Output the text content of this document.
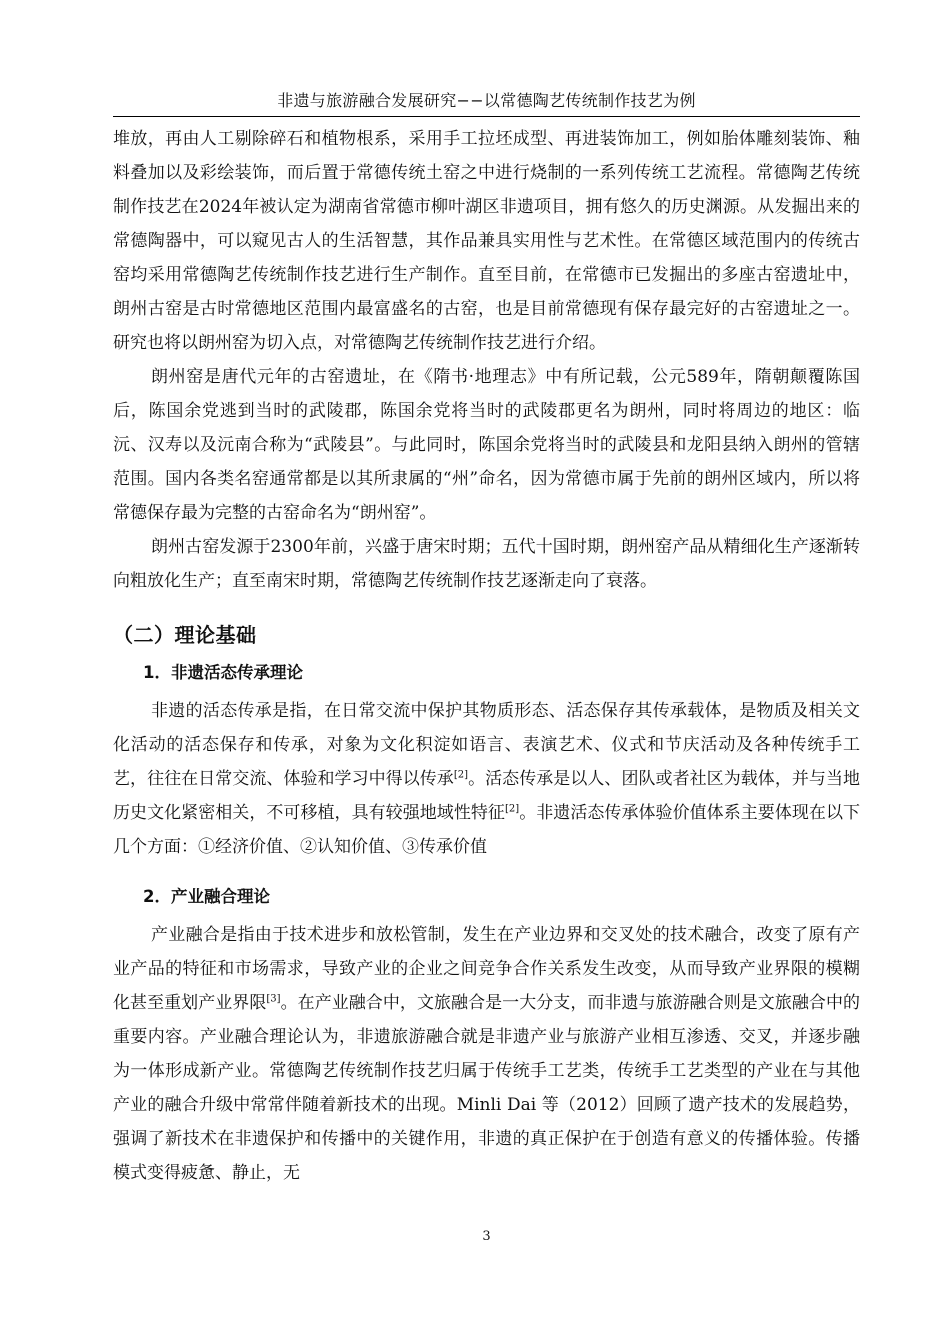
非遗与旅游融合发展研究−−以常德陶艺传统制作技艺为例

堆放，再由人工剔除碎石和植物根系，采用手工拉坯成型、再进装饰加工，例如胎体雕刻装饰、釉料叠加以及彩绘装饰，而后置于常德传统土窑之中进行烧制的一系列传统工艺流程。常德陶艺传统制作技艺在2024年被认定为湖南省常德市柳叶湖区非遗项目，拥有悠久的历史渊源。从发掘出来的常德陶器中，可以窥见古人的生活智慧，其作品兼具实用性与艺术性。在常德区域范围内的传统古窑均采用常德陶艺传统制作技艺进行生产制作。直至目前，在常德市已发掘出的多座古窑遗址中，朗州古窑是古时常德地区范围内最富盛名的古窑，也是目前常德现有保存最完好的古窑遗址之一。研究也将以朗州窑为切入点，对常德陶艺传统制作技艺进行介绍。

朗州窑是唐代元年的古窑遗址，在《隋书·地理志》中有所记载，公元589年，隋朝颠覆陈国后，陈国余党逃到当时的武陵郡，陈国余党将当时的武陵郡更名为朗州，同时将周边的地区：临沅、汉寿以及沅南合称为“武陵县”。与此同时，陈国余党将当时的武陵县和龙阳县纳入朗州的管辖范围。国内各类名窑通常都是以其所隶属的“州”命名，因为常德市属于先前的朗州区域内，所以将常德保存最为完整的古窑命名为“朗州窑”。

朗州古窑发源于2300年前，兴盛于唐宋时期；五代十国时期，朗州窑产品从精细化生产逐渐转向粗放化生产；直至南宋时期，常德陶艺传统制作技艺逐渐走向了衰落。

（二）理论基础
1．非遗活态传承理论

非遗的活态传承是指，在日常交流中保护其物质形态、活态保存其传承载体，是物质及相关文化活动的活态保存和传承，对象为文化积淀如语言、表演艺术、仪式和节庆活动及各种传统手工艺，往往在日常交流、体验和学习中得以传承[2]。活态传承是以人、团队或者社区为载体，并与当地历史文化紧密相关，不可移植，具有较强地域性特征[2]。非遗活态传承体验价值体系主要体现在以下几个方面：①经济价值、②认知价值、③传承价值

2．产业融合理论

产业融合是指由于技术进步和放松管制，发生在产业边界和交叉处的技术融合，改变了原有产业产品的特征和市场需求，导致产业的企业之间竞争合作关系发生改变，从而导致产业界限的模糊化甚至重划产业界限[3]。在产业融合中，文旅融合是一大分支，而非遗与旅游融合则是文旅融合中的重要内容。产业融合理论认为，非遗旅游融合就是非遗产业与旅游产业相互渗透、交叉，并逐步融为一体形成新产业。常德陶艺传统制作技艺归属于传统手工艺类，传统手工艺类型的产业在与其他产业的融合升级中常常伴随着新技术的出现。Minli Dai 等（2012）回顾了遗产技术的发展趋势，强调了新技术在非遗保护和传播中的关键作用，非遗的真正保护在于创造有意义的传播体验。传播模式变得疲惫、静止，无

3
